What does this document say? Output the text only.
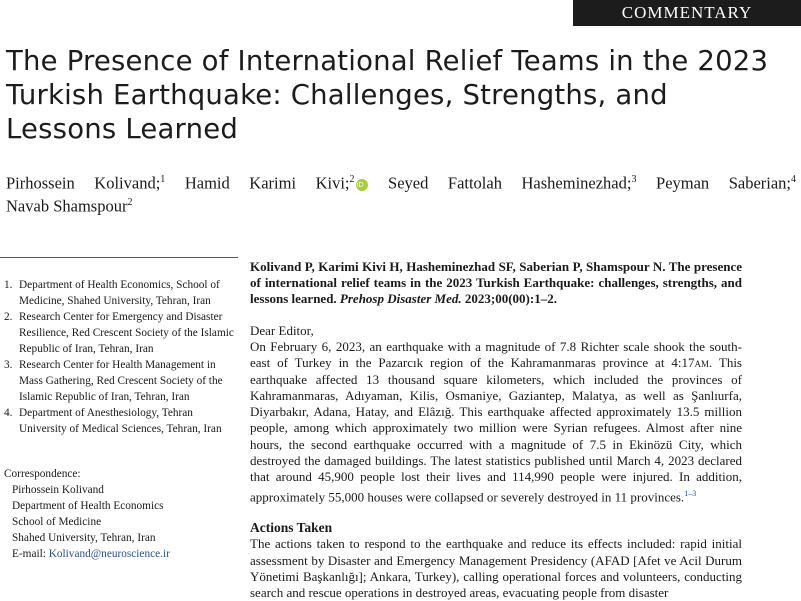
COMMENTARY
The Presence of International Relief Teams in the 2023 Turkish Earthquake: Challenges, Strengths, and Lessons Learned
Pirhossein Kolivand;$^1$ Hamid Karimi Kivi;$^2$ iD Seyed Fattolah Hasheminezhad;$^3$ Peyman Saberian;$^4$
Navab Shamspour$^2$
1. Department of Health Economics, School of Medicine, Shahed University, Tehran, Iran
2. Research Center for Emergency and Disaster Resilience, Red Crescent Society of the Islamic Republic of Iran, Tehran, Iran
3. Research Center for Health Management in Mass Gathering, Red Crescent Society of the Islamic Republic of Iran, Tehran, Iran
4. Department of Anesthesiology, Tehran University of Medical Sciences, Tehran, Iran
Correspondence:
Pirhossein Kolivand
Department of Health Economics
School of Medicine
Shahed University, Tehran, Iran
E-mail: Kolivand@neuroscience.ir

Kolivand P, Karimi Kivi H, Hasheminezhad SF, Saberian P, Shamspour N. The presence of international relief teams in the 2023 Turkish Earthquake: challenges, strengths, and lessons learned. Prehosp Disaster Med. 2023;00(00):1–2.

Dear Editor,

On February 6, 2023, an earthquake with a magnitude of 7.8 Richter scale shook the south-east of Turkey in the Pazarcık region of the Kahramanmaras province at 4:17am. This earthquake affected 13 thousand square kilometers, which included the provinces of Kahramanmaras, Adıyaman, Kilis, Osmaniye, Gaziantep, Malatya, as well as Şanlıurfa, Diyarbakır, Adana, Hatay, and Elâzığ. This earthquake affected approximately 13.5 million people, among which approximately two million were Syrian refugees. Almost after nine hours, the second earthquake occurred with a magnitude of 7.5 in Ekinözü City, which destroyed the damaged buildings. The latest statistics published until March 4, 2023 declared that around 45,900 people lost their lives and 114,990 people were injured. In addition, approximately 55,000 houses were collapsed or severely destroyed in 11 provinces.$^{1-3}$

Actions Taken

The actions taken to respond to the earthquake and reduce its effects included: rapid initial assessment by Disaster and Emergency Management Presidency (AFAD [Afet ve Acil Durum Yönetimi Başkanlığı]; Ankara, Turkey), calling operational forces and volunteers, conducting search and rescue operations in destroyed areas, evacuating people from disaster
